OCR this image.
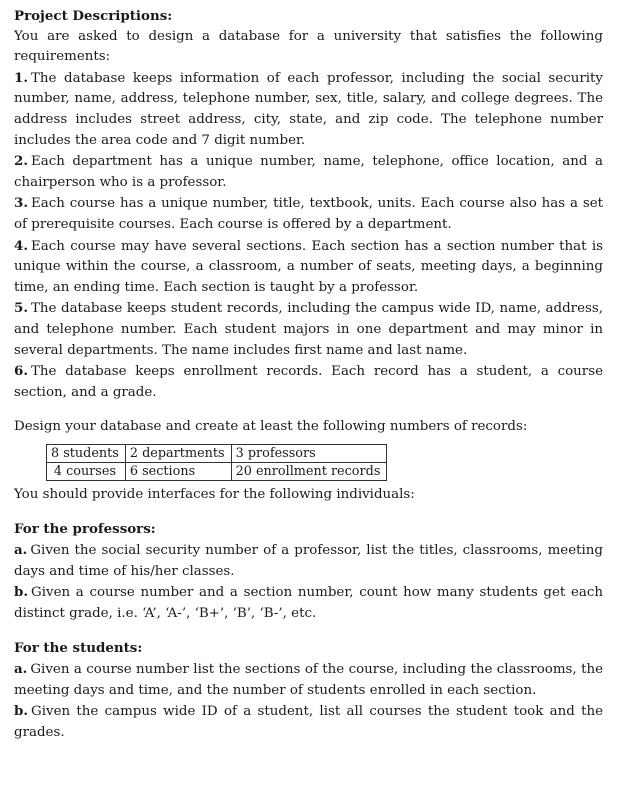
Project Descriptions:

You are asked to design a database for a university that satisfies the following requirements:

1. The database keeps information of each professor, including the social security number, name, address, telephone number, sex, title, salary, and college degrees. The address includes street address, city, state, and zip code. The telephone number includes the area code and 7 digit number.

2. Each department has a unique number, name, telephone, office location, and a chairperson who is a professor.

3. Each course has a unique number, title, textbook, units. Each course also has a set of prerequisite courses. Each course is offered by a department.

4. Each course may have several sections. Each section has a section number that is unique within the course, a classroom, a number of seats, meeting days, a beginning time, an ending time. Each section is taught by a professor.

5. The database keeps student records, including the campus wide ID, name, address, and telephone number. Each student majors in one department and may minor in several departments. The name includes first name and last name.

6. The database keeps enrollment records. Each record has a student, a course section, and a grade.

Design your database and create at least the following numbers of records:

8 students	2 departments	3 professors
4 courses	6 sections	20 enrollment records

You should provide interfaces for the following individuals:

For the professors:

a. Given the social security number of a professor, list the titles, classrooms, meeting days and time of his/her classes.

b. Given a course number and a section number, count how many students get each distinct grade, i.e. ‘A’, ‘A-’, ‘B+’, ‘B’, ‘B-’, etc.

For the students:

a. Given a course number list the sections of the course, including the classrooms, the meeting days and time, and the number of students enrolled in each section.

b. Given the campus wide ID of a student, list all courses the student took and the grades.
